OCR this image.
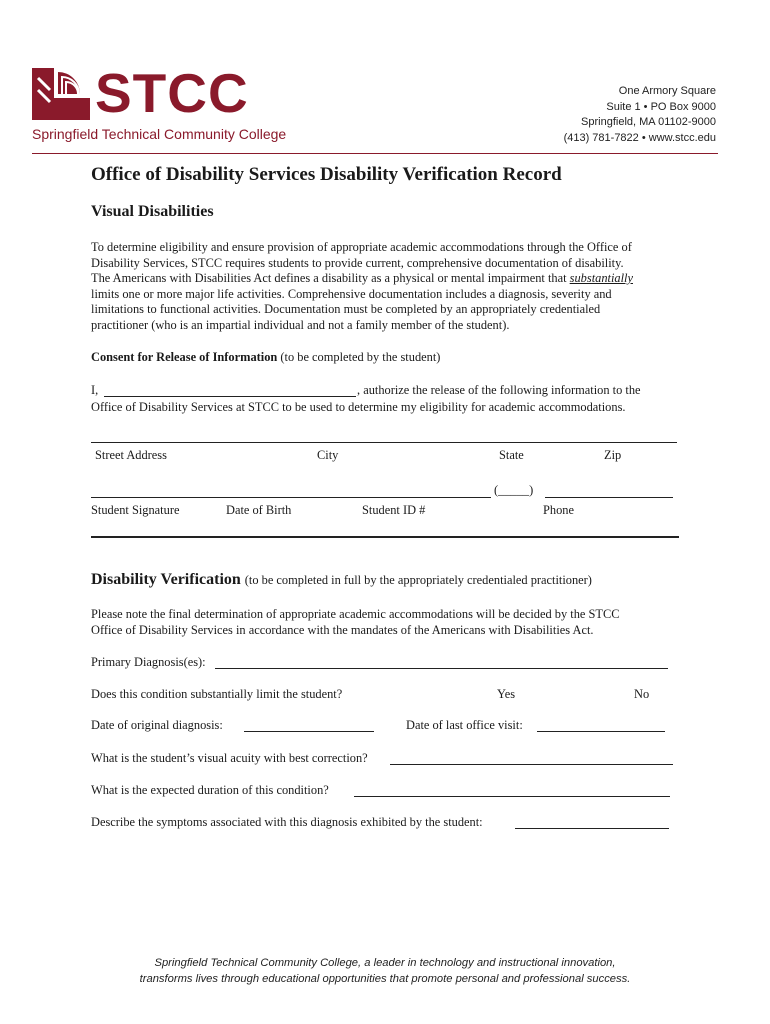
STCC
Springfield Technical Community College
One Armory Square
Suite 1 • PO Box 9000
Springfield, MA 01102-9000
(413) 781-7822 • www.stcc.edu
Office of Disability Services Disability Verification Record
Visual Disabilities
To determine eligibility and ensure provision of appropriate academic accommodations through the Office of
Disability Services, STCC requires students to provide current, comprehensive documentation of disability.
The Americans with Disabilities Act defines a disability as a physical or mental impairment that substantially
limits one or more major life activities. Comprehensive documentation includes a diagnosis, severity and
limitations to functional activities. Documentation must be completed by an appropriately credentialed
practitioner (who is an impartial individual and not a family member of the student).
Consent for Release of Information (to be completed by the student)
I,	, authorize the release of the following information to the
Office of Disability Services at STCC to be used to determine my eligibility for academic accommodations.
Street Address	City	State	Zip
(_____)
Student Signature	Date of Birth	Student ID #	Phone
Disability Verification (to be completed in full by the appropriately credentialed practitioner)
Please note the final determination of appropriate academic accommodations will be decided by the STCC
Office of Disability Services in accordance with the mandates of the Americans with Disabilities Act.
Primary Diagnosis(es):
Does this condition substantially limit the student?	Yes	No
Date of original diagnosis:	Date of last office visit:
What is the student’s visual acuity with best correction?
What is the expected duration of this condition?
Describe the symptoms associated with this diagnosis exhibited by the student:
Springfield Technical Community College, a leader in technology and instructional innovation,
transforms lives through educational opportunities that promote personal and professional success.
